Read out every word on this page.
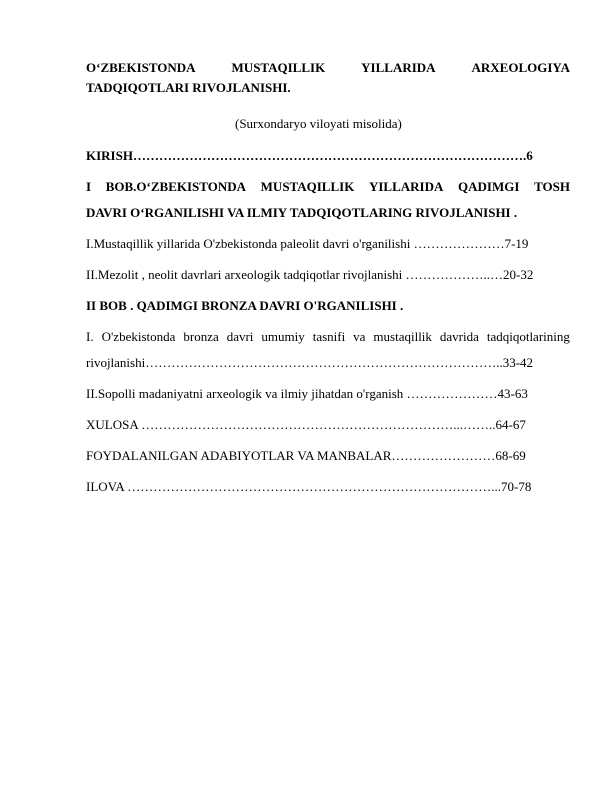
O‘ZBEKISTONDA	MUSTAQILLIK	YILLARIDA	ARXEOLOGIYA
TADQIQOTLARI RIVOJLANISHI.
(Surxondaryo viloyati misolida)
KIRISH……………………………………………………………………………….6
I BOB.O‘ZBEKISTONDA MUSTAQILLIK YILLARIDA QADIMGI TOSH
DAVRI O‘RGANILISHI VA ILMIY TADQIQOTLARING RIVOJLANISHI .
I.Mustaqillik yillarida O'zbekistonda paleolit davri o'rganilishi …………………7-19
II.Mezolit , neolit davrlari arxeologik tadqiqotlar rivojlanishi ………………..…20-32
II BOB . QADIMGI BRONZA DAVRI O'RGANILISHI .
I. O'zbekistonda bronza davri umumiy tasnifi va mustaqillik davrida tadqiqotlarining
rivojlanishi………………………………………………………………………..33-42
II.Sopolli madaniyatni arxeologik va ilmiy jihatdan o'rganish …………………43-63
XULOSA ………………………………………………………………...……..64-67
FOYDALANILGAN ADABIYOTLAR VA MANBALAR……………………68-69
ILOVA …………………………………………………………………………...70-78
